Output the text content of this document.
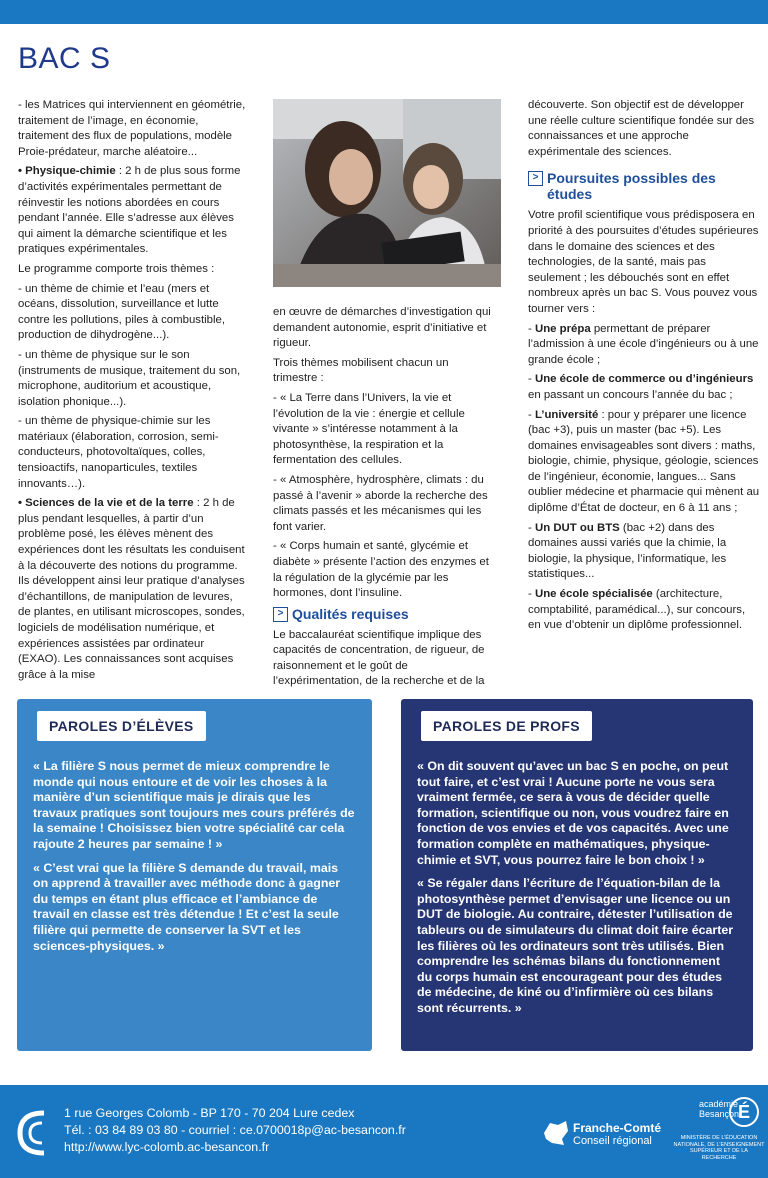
BAC S

- les Matrices qui interviennent en géométrie, traitement de l’image, en économie, traitement des flux de populations, modèle Proie-prédateur, marche aléatoire...

• Physique-chimie : 2 h de plus sous forme d’activités expérimentales permettant de réinvestir les notions abordées en cours pendant l’année. Elle s’adresse aux élèves qui aiment la démarche scientifique et les pratiques expérimentales.

Le programme comporte trois thèmes :

- un thème de chimie et l’eau (mers et océans, dissolution, surveillance et lutte contre les pollutions, piles à combustible, production de dihydrogène...).

- un thème de physique sur le son (instruments de musique, traitement du son, microphone, auditorium et acoustique, isolation phonique...).

- un thème de physique-chimie sur les matériaux (élaboration, corrosion, semi-conducteurs, photovoltaïques, colles, tensioactifs, nanoparticules, textiles innovants…).

• Sciences de la vie et de la terre : 2 h de plus pendant lesquelles, à partir d’un problème posé, les élèves mènent des expériences dont les résultats les conduisent à la découverte des notions du programme. Ils développent ainsi leur pratique d’analyses d’échantillons, de manipulation de levures, de plantes, en utilisant microscopes, sondes, logiciels de modélisation numérique, et expériences assistées par ordinateur (EXAO). Les connaissances sont acquises grâce à la mise

en œuvre de démarches d’investigation qui demandent autonomie, esprit d’initiative et rigueur.

Trois thèmes mobilisent chacun un trimestre :

- « La Terre dans l’Univers, la vie et l’évolution de la vie : énergie et cellule vivante » s’intéresse notamment à la photosynthèse, la respiration et la fermentation des cellules.

- « Atmosphère, hydrosphère, climats : du passé à l’avenir » aborde la recherche des climats passés et les mécanismes qui les font varier.

- « Corps humain et santé, glycémie et diabète » présente l’action des enzymes et la régulation de la glycémie par les hormones, dont l’insuline.

> Qualités requises

Le baccalauréat scientifique implique des capacités de concentration, de rigueur, de raisonnement et le goût de l’expérimentation, de la recherche et de la

découverte. Son objectif est de développer une réelle culture scientifique fondée sur des connaissances et une approche expérimentale des sciences.

> Poursuites possibles des études

Votre profil scientifique vous prédisposera en priorité à des poursuites d’études supérieures dans le domaine des sciences et des technologies, de la santé, mais pas seulement ; les débouchés sont en effet nombreux après un bac S. Vous pouvez vous tourner vers :

- Une prépa permettant de préparer l’admission à une école d’ingénieurs ou à une grande école ;

- Une école de commerce ou d’ingénieurs en passant un concours l’année du bac ;

- L’université : pour y préparer une licence (bac +3), puis un master (bac +5). Les domaines envisageables sont divers : maths, biologie, chimie, physique, géologie, sciences de l’ingénieur, économie, langues... Sans oublier médecine et pharmacie qui mènent au diplôme d’État de docteur, en 6 à 11 ans ;

- Un DUT ou BTS (bac +2) dans des domaines aussi variés que la chimie, la biologie, la physique, l’informatique, les statistiques...

- Une école spécialisée (architecture, comptabilité, paramédical...), sur concours, en vue d’obtenir un diplôme professionnel.

PAROLES D’ÉLÈVES

« La filière S nous permet de mieux comprendre le monde qui nous entoure et de voir les choses à la manière d’un scientifique mais je dirais que les travaux pratiques sont toujours mes cours préférés de la semaine ! Choisissez bien votre spécialité car cela rajoute 2 heures par semaine ! »

« C’est vrai que la filière S demande du travail, mais on apprend à travailler avec méthode donc à gagner du temps en étant plus efficace et l’ambiance de travail en classe est très détendue ! Et c’est la seule filière qui permette de conserver la SVT et les sciences-physiques. »

PAROLES DE PROFS

« On dit souvent qu’avec un bac S en poche, on peut tout faire, et c’est vrai ! Aucune porte ne vous sera vraiment fermée, ce sera à vous de décider quelle formation, scientifique ou non, vous voudrez faire en fonction de vos envies et de vos capacités. Avec une formation complète en mathématiques, physique-chimie et SVT, vous pourrez faire le bon choix ! »

« Se régaler dans l’écriture de l’équation-bilan de la photosynthèse permet d’envisager une licence ou un DUT de biologie. Au contraire, détester l’utilisation de tableurs ou de simulateurs du climat doit faire écarter les filières où les ordinateurs sont très utilisés. Bien comprendre les schémas bilans du fonctionnement du corps humain est encourageant pour des études de médecine, de kiné ou d’infirmière où ces bilans sont récurrents. »

1 rue Georges Colomb - BP 170 - 70 204 Lure cedex
Tél. : 03 84 89 03 80 - courriel : ce.0700018p@ac-besancon.fr
http://www.lyc-colomb.ac-besancon.fr
Franche-Comté
Conseil régional
académie
Besançon
É
MINISTÈRE DE L’ÉDUCATION NATIONALE, DE L’ENSEIGNEMENT SUPÉRIEUR ET DE LA RECHERCHE
